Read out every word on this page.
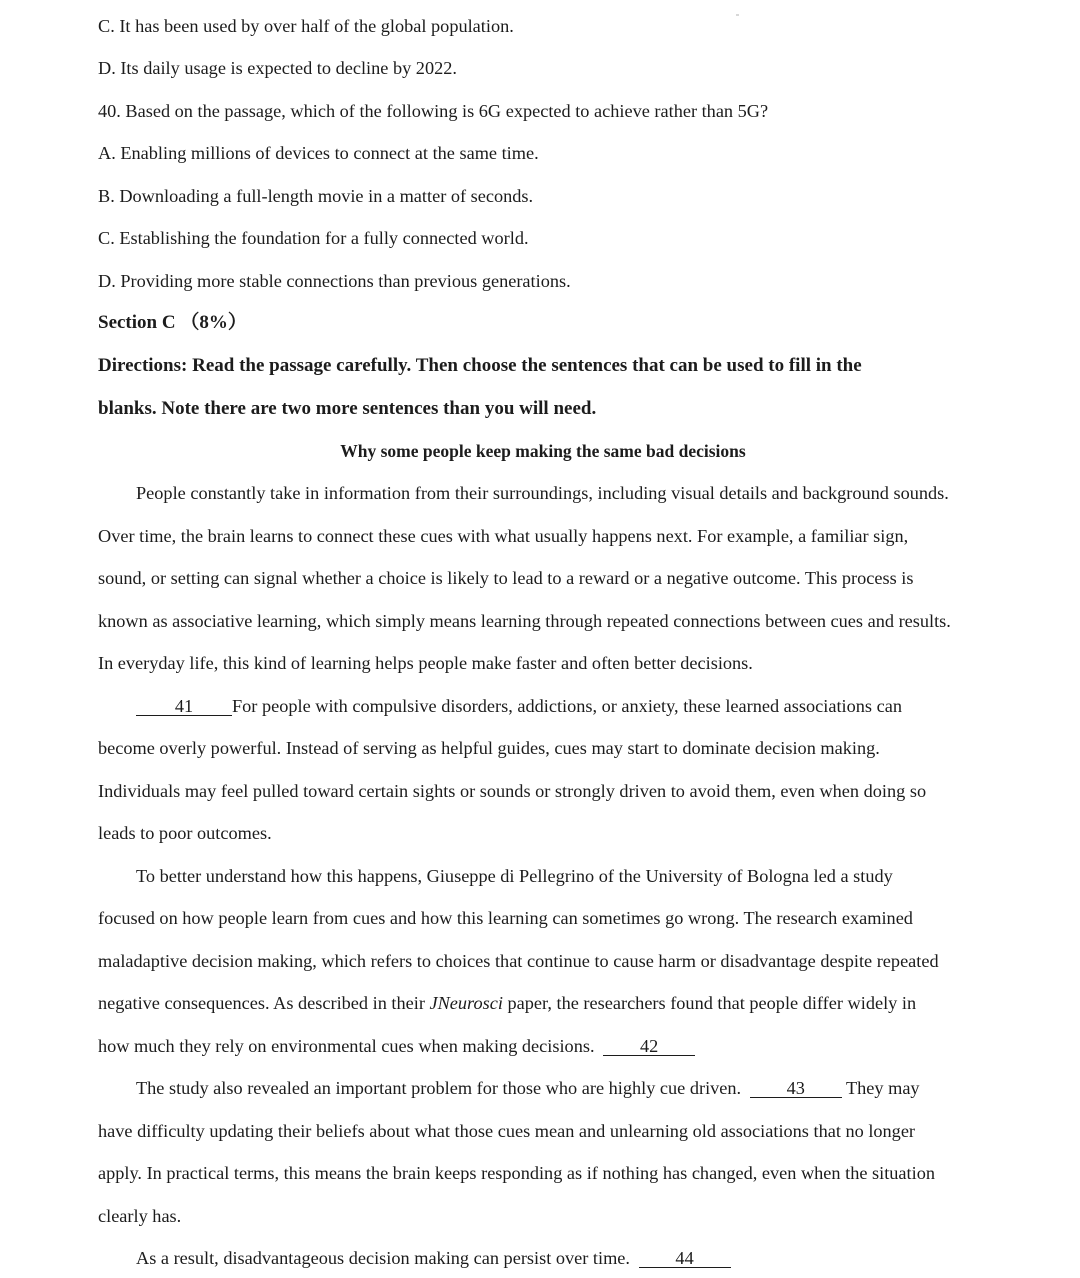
C. It has been used by over half of the global population.
D. Its daily usage is expected to decline by 2022.
40. Based on the passage, which of the following is 6G expected to achieve rather than 5G?
A. Enabling millions of devices to connect at the same time.
B. Downloading a full-length movie in a matter of seconds.
C. Establishing the foundation for a fully connected world.
D. Providing more stable connections than previous generations.
Section C （8%）
Directions: Read the passage carefully. Then choose the sentences that can be used to fill in the
blanks. Note there are two more sentences than you will need.
Why some people keep making the same bad decisions
People constantly take in information from their surroundings, including visual details and background sounds.
Over time, the brain learns to connect these cues with what usually happens next. For example, a familiar sign,
sound, or setting can signal whether a choice is likely to lead to a reward or a negative outcome. This process is
known as associative learning, which simply means learning through repeated connections between cues and results.
In everyday life, this kind of learning helps people make faster and often better decisions.
41 For people with compulsive disorders, addictions, or anxiety, these learned associations can
become overly powerful. Instead of serving as helpful guides, cues may start to dominate decision making.
Individuals may feel pulled toward certain sights or sounds or strongly driven to avoid them, even when doing so
leads to poor outcomes.
To better understand how this happens, Giuseppe di Pellegrino of the University of Bologna led a study
focused on how people learn from cues and how this learning can sometimes go wrong. The research examined
maladaptive decision making, which refers to choices that continue to cause harm or disadvantage despite repeated
negative consequences. As described in their JNeurosci paper, the researchers found that people differ widely in
how much they rely on environmental cues when making decisions. 42
The study also revealed an important problem for those who are highly cue driven. 43 They may
have difficulty updating their beliefs about what those cues mean and unlearning old associations that no longer
apply. In practical terms, this means the brain keeps responding as if nothing has changed, even when the situation
clearly has.
As a result, disadvantageous decision making can persist over time. 44
